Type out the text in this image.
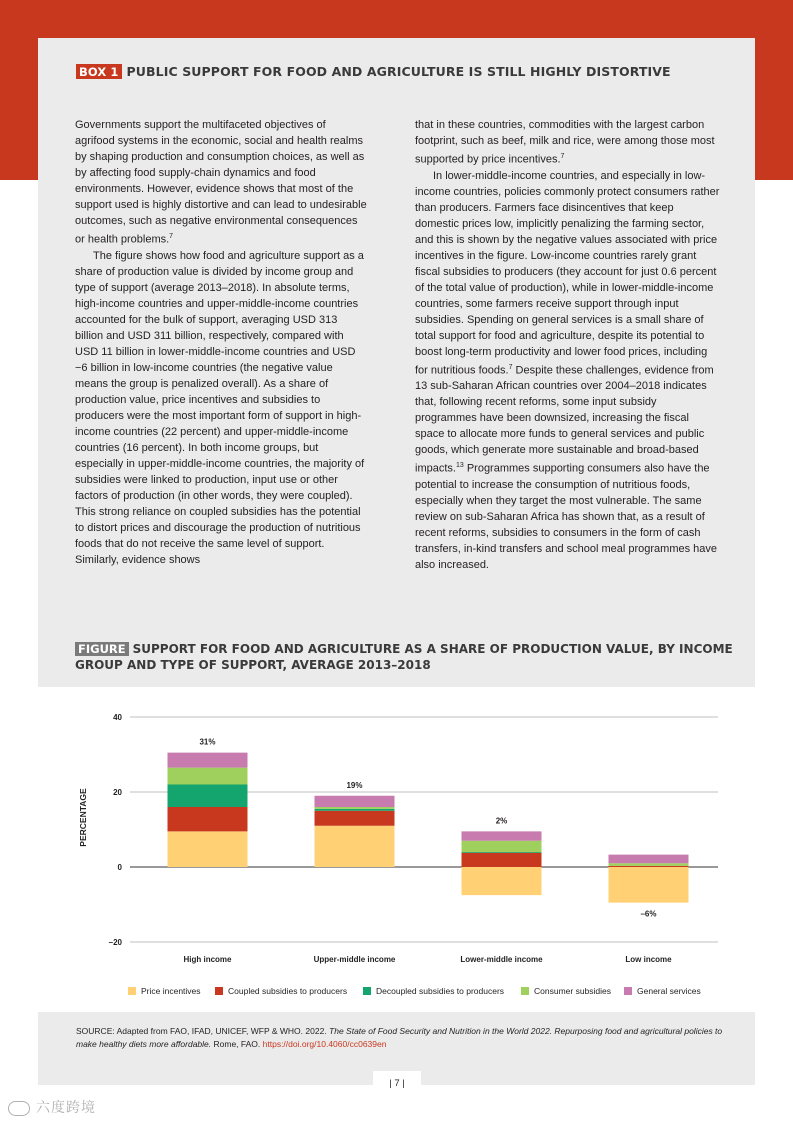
BOX 1 PUBLIC SUPPORT FOR FOOD AND AGRICULTURE IS STILL HIGHLY DISTORTIVE

Governments support the multifaceted objectives of agrifood systems in the economic, social and health realms by shaping production and consumption choices, as well as by affecting food supply-chain dynamics and food environments. However, evidence shows that most of the support used is highly distortive and can lead to undesirable outcomes, such as negative environmental consequences or health problems.$^7$

The figure shows how food and agriculture support as a share of production value is divided by income group and type of support (average 2013–2018). In absolute terms, high-income countries and upper-middle-income countries accounted for the bulk of support, averaging USD 313 billion and USD 311 billion, respectively, compared with USD 11 billion in lower-middle-income countries and USD −6 billion in low-income countries (the negative value means the group is penalized overall). As a share of production value, price incentives and subsidies to producers were the most important form of support in high-income countries (22 percent) and upper-middle-income countries (16 percent). In both income groups, but especially in upper-middle-income countries, the majority of subsidies were linked to production, input use or other factors of production (in other words, they were coupled). This strong reliance on coupled subsidies has the potential to distort prices and discourage the production of nutritious foods that do not receive the same level of support. Similarly, evidence shows

that in these countries, commodities with the largest carbon footprint, such as beef, milk and rice, were among those most supported by price incentives.$^7$

In lower-middle-income countries, and especially in low-income countries, policies commonly protect consumers rather than producers. Farmers face disincentives that keep domestic prices low, implicitly penalizing the farming sector, and this is shown by the negative values associated with price incentives in the figure. Low-income countries rarely grant fiscal subsidies to producers (they account for just 0.6 percent of the total value of production), while in lower-middle-income countries, some farmers receive support through input subsidies. Spending on general services is a small share of total support for food and agriculture, despite its potential to boost long-term productivity and lower food prices, including for nutritious foods.$^7$ Despite these challenges, evidence from 13 sub-Saharan African countries over 2004–2018 indicates that, following recent reforms, some input subsidy programmes have been downsized, increasing the fiscal space to allocate more funds to general services and public goods, which generate more sustainable and broad-based impacts.$^{13}$ Programmes supporting consumers also have the potential to increase the consumption of nutritious foods, especially when they target the most vulnerable. The same review on sub-Saharan Africa has shown that, as a result of recent reforms, subsidies to consumers in the form of cash transfers, in-kind transfers and school meal programmes have also increased.

FIGURE SUPPORT FOR FOOD AND AGRICULTURE AS A SHARE OF PRODUCTION VALUE, BY INCOME GROUP AND TYPE OF SUPPORT, AVERAGE 2013–2018
–20
0
20
40
PERCENTAGE
31%
High income
19%
Upper-middle income
2%
Lower-middle income
–6%
Low income
Price incentives	Coupled subsidies to producers	Decoupled subsidies to producers	Consumer subsidies	General services
SOURCE: Adapted from FAO, IFAD, UNICEF, WFP & WHO. 2022. The State of Food Security and Nutrition in the World 2022. Repurposing food and agricultural policies to make healthy diets more affordable. Rome, FAO. https://doi.org/10.4060/cc0639en
| 7 |
六度跨境
